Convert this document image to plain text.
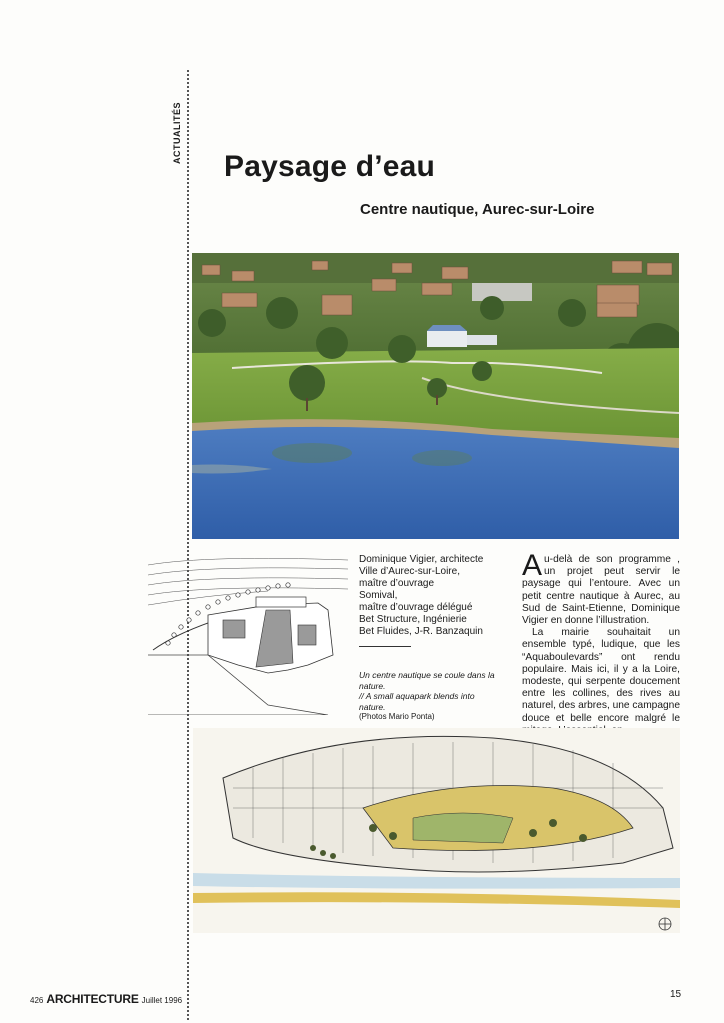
ACTUALITÉS
Paysage d’eau
Centre nautique, Aurec-sur-Loire
Dominique Vigier, architecte
Ville d’Aurec-sur-Loire,
maître d’ouvrage
Somival,
maître d’ouvrage délégué
Bet Structure, Ingénierie
Bet Fluides, J-R. Banzaquin
Un centre nautique se coule dans la nature.
// A small aquapark blends into nature.
(Photos Mario Ponta)

Au-delà de son programme , un projet peut servir le paysage qui l’entoure. Avec un petit centre nautique à Aurec, au Sud de Saint-Etienne, Dominique Vigier en donne l’illustration.

La mairie souhaitait un ensemble typé, ludique, que les “Aquaboulevards” ont rendu populaire. Mais ici, il y a la Loire, modeste, qui serpente doucement entre les collines, des rives au naturel, des arbres, une campagne douce et belle encore malgré le

426 ARCHITECTURE Juillet 1996
15
